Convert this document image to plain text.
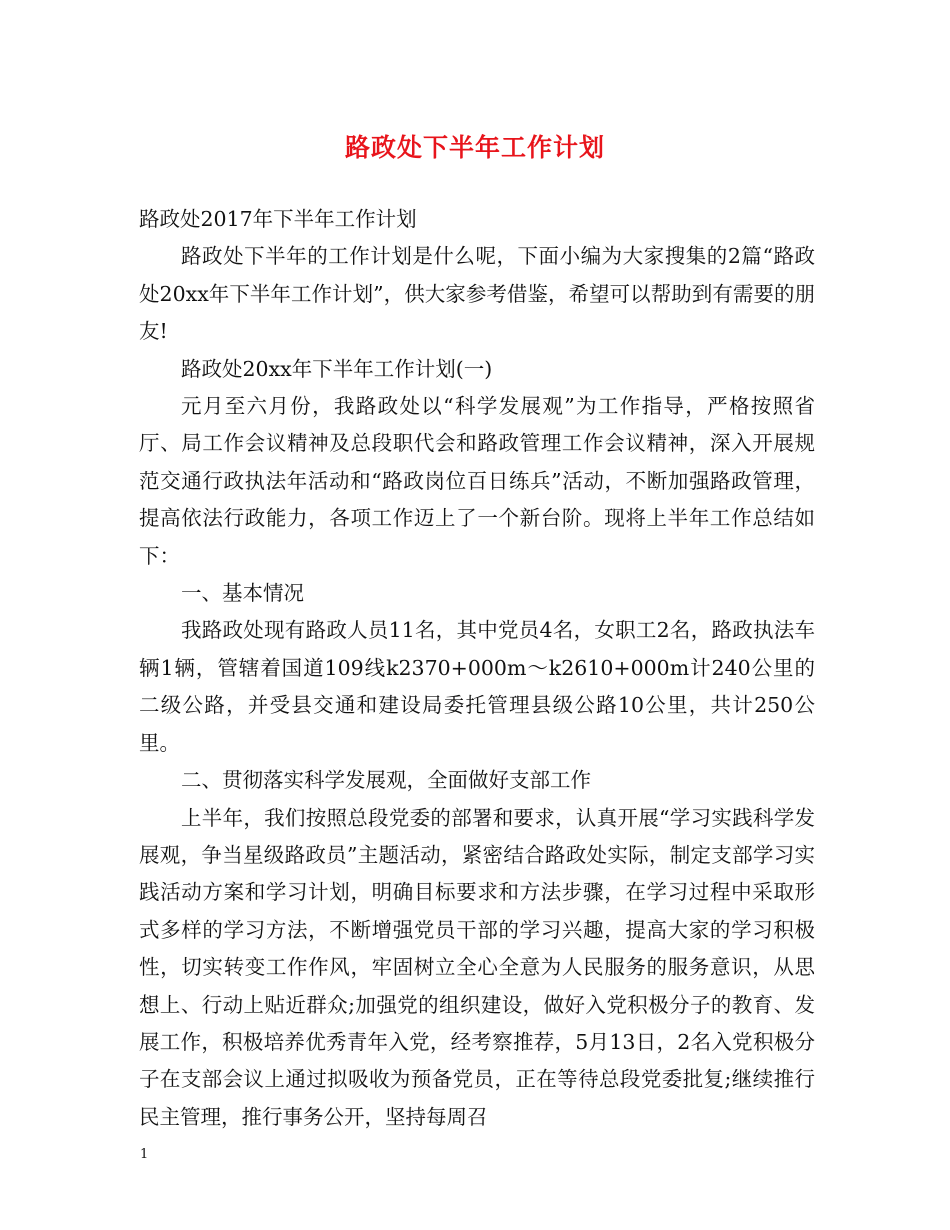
路政处下半年工作计划

路政处2017年下半年工作计划

路政处下半年的工作计划是什么呢，下面小编为大家搜集的2篇“路政处20xx年下半年工作计划”，供大家参考借鉴，希望可以帮助到有需要的朋友!

路政处20xx年下半年工作计划(一)

元月至六月份，我路政处以“科学发展观”为工作指导，严格按照省厅、局工作会议精神及总段职代会和路政管理工作会议精神，深入开展规范交通行政执法年活动和“路政岗位百日练兵”活动，不断加强路政管理，提高依法行政能力，各项工作迈上了一个新台阶。现将上半年工作总结如下：

一、基本情况

我路政处现有路政人员11名，其中党员4名，女职工2名，路政执法车辆1辆，管辖着国道109线k2370+000m～k2610+000m计240公里的二级公路，并受县交通和建设局委托管理县级公路10公里，共计250公里。

二、贯彻落实科学发展观，全面做好支部工作

上半年，我们按照总段党委的部署和要求，认真开展“学习实践科学发展观，争当星级路政员”主题活动，紧密结合路政处实际，制定支部学习实践活动方案和学习计划，明确目标要求和方法步骤，在学习过程中采取形式多样的学习方法，不断增强党员干部的学习兴趣，提高大家的学习积极性，切实转变工作作风，牢固树立全心全意为人民服务的服务意识，从思想上、行动上贴近群众;加强党的组织建设，做好入党积极分子的教育、发展工作，积极培养优秀青年入党，经考察推荐，5月13日，2名入党积极分子在支部会议上通过拟吸收为预备党员，正在等待总段党委批复;继续推行民主管理，推行事务公开，坚持每周召

1
